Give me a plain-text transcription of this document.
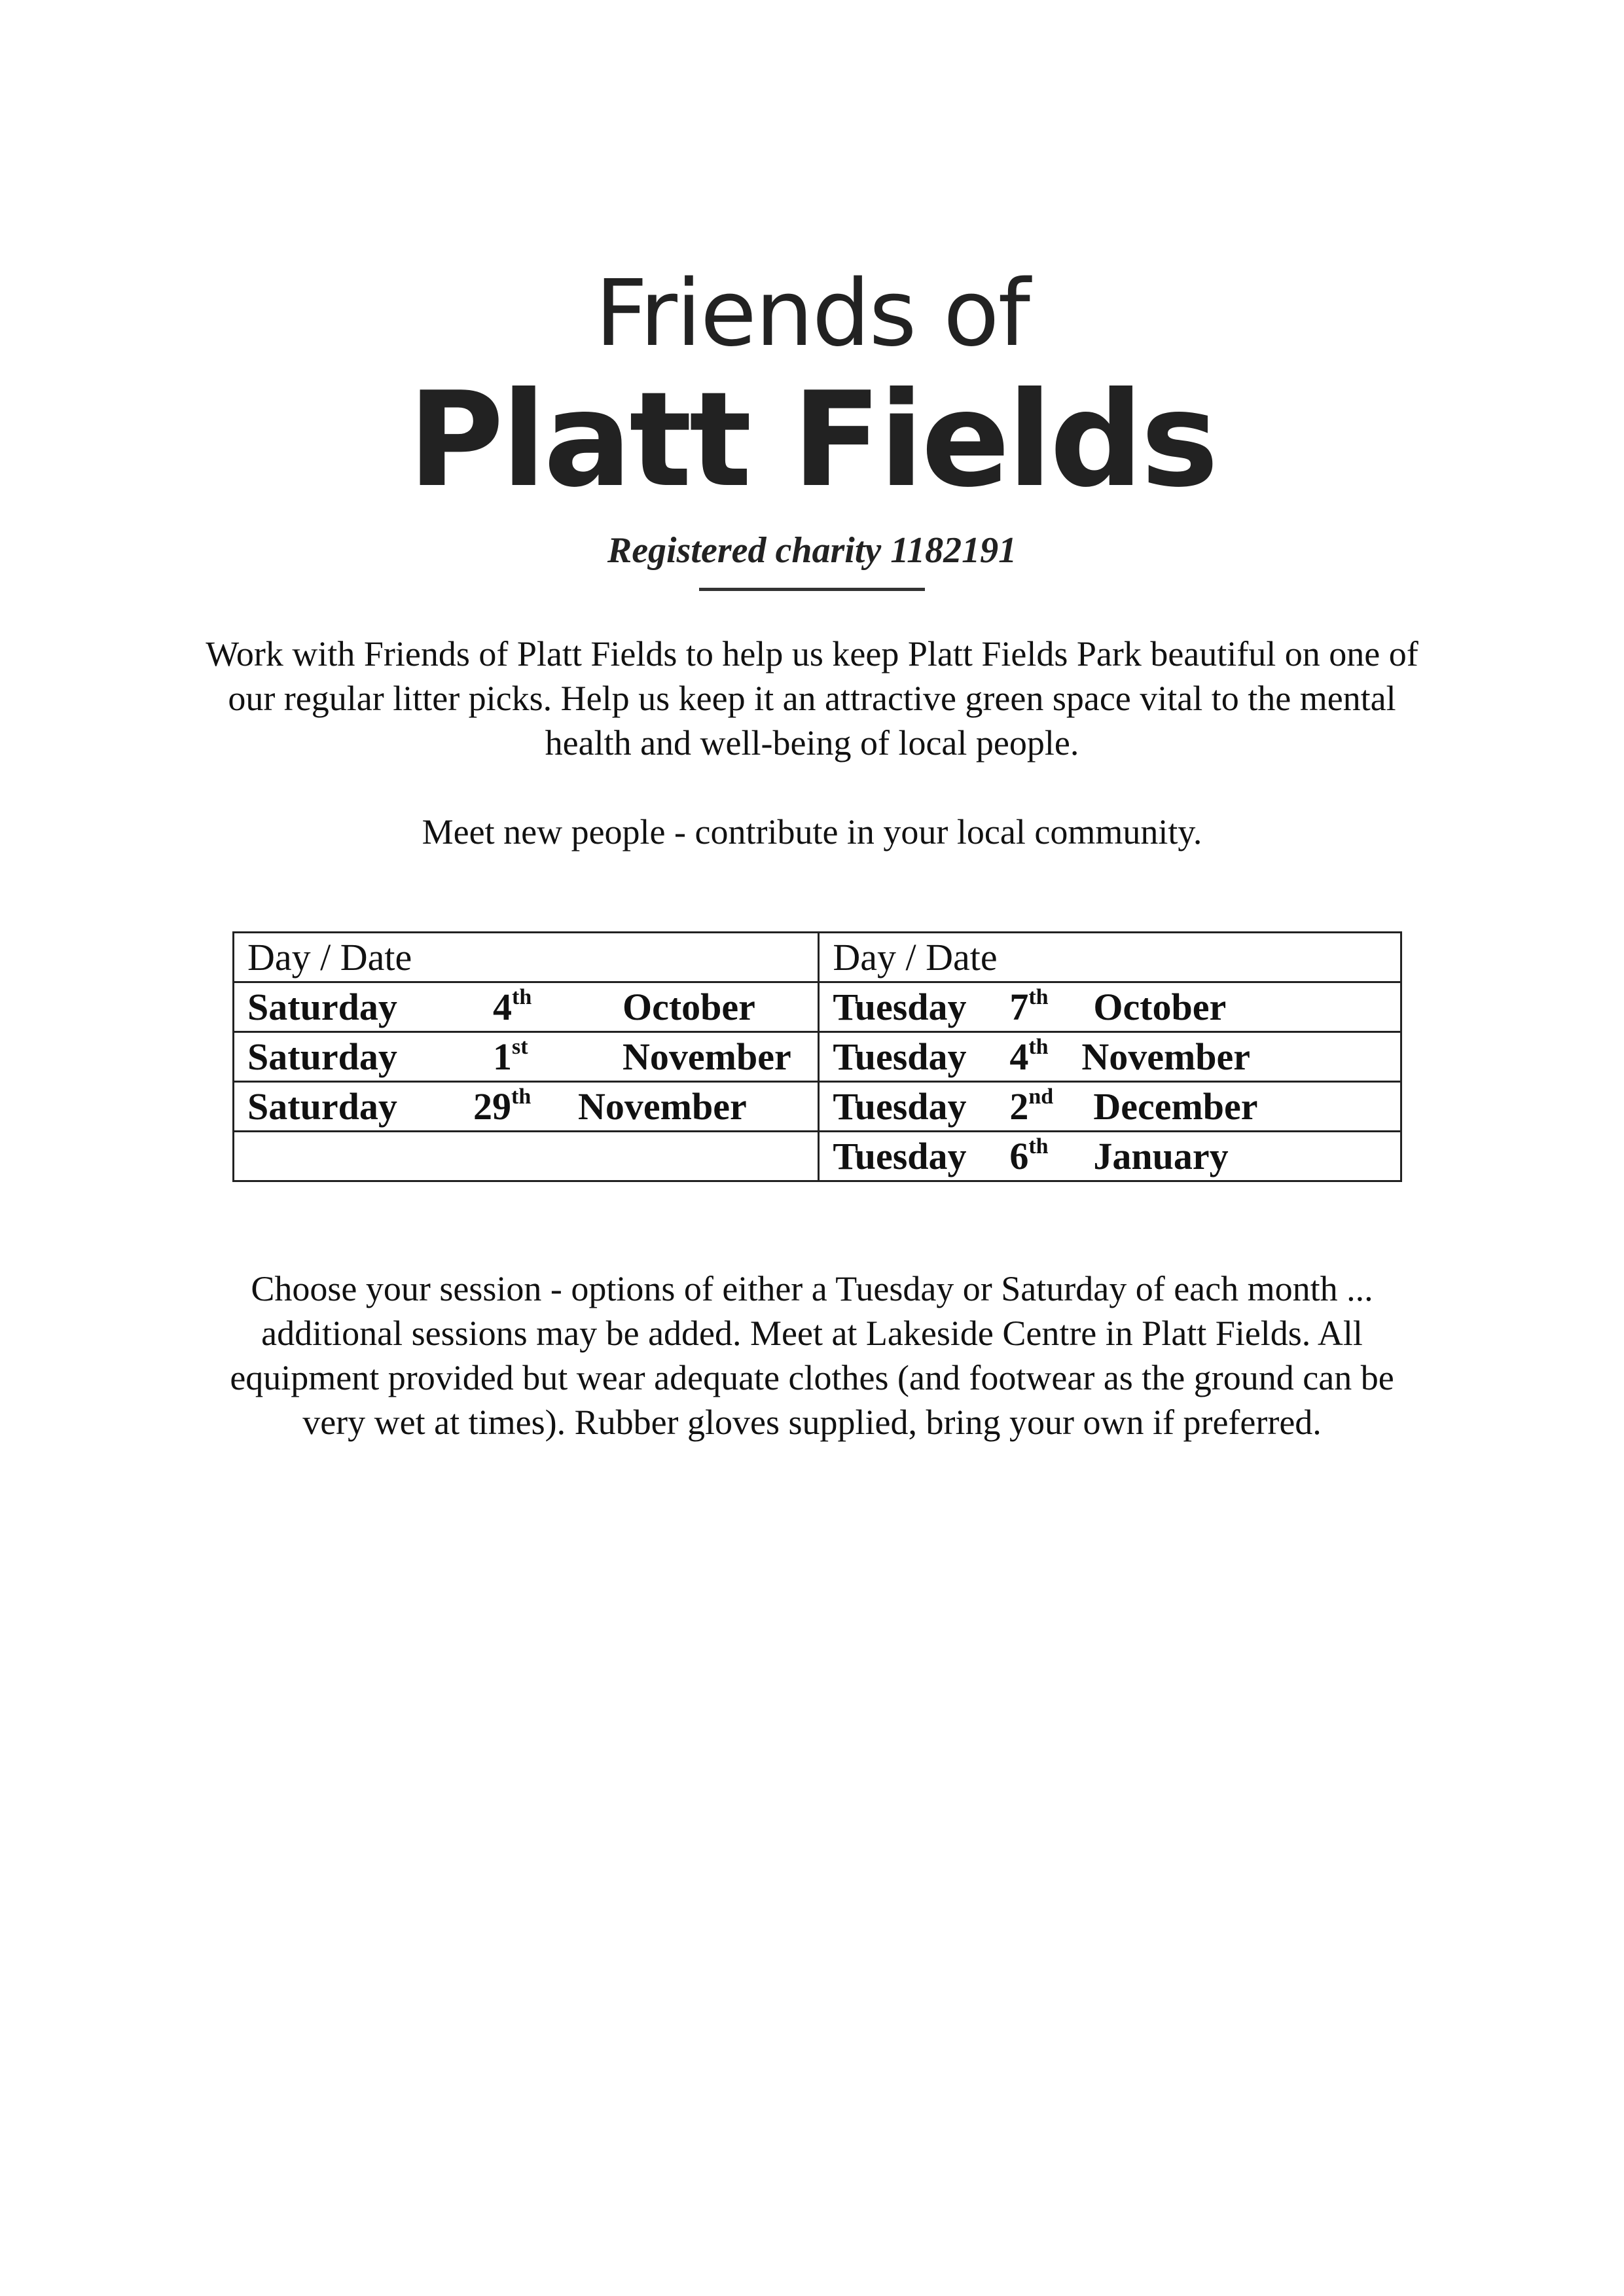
Friends of
Platt Fields
Registered charity 1182191

Work with Friends of Platt Fields to help us keep Platt Fields Park beautiful on one of our regular litter picks. Help us keep it an attractive green space vital to the mental health and well-being of local people.

Meet new people - contribute in your local community.

Day / Date	Day / Date

Saturday 4th October	Tuesday 7th October

Saturday 1st November	Tuesday 4th November

Saturday 29th November	Tuesday 2nd December

	Tuesday 6th January

Choose your session - options of either a Tuesday or Saturday of each month ... additional sessions may be added. Meet at Lakeside Centre in Platt Fields. All equipment provided but wear adequate clothes (and footwear as the ground can be very wet at times). Rubber gloves supplied, bring your own if preferred.
